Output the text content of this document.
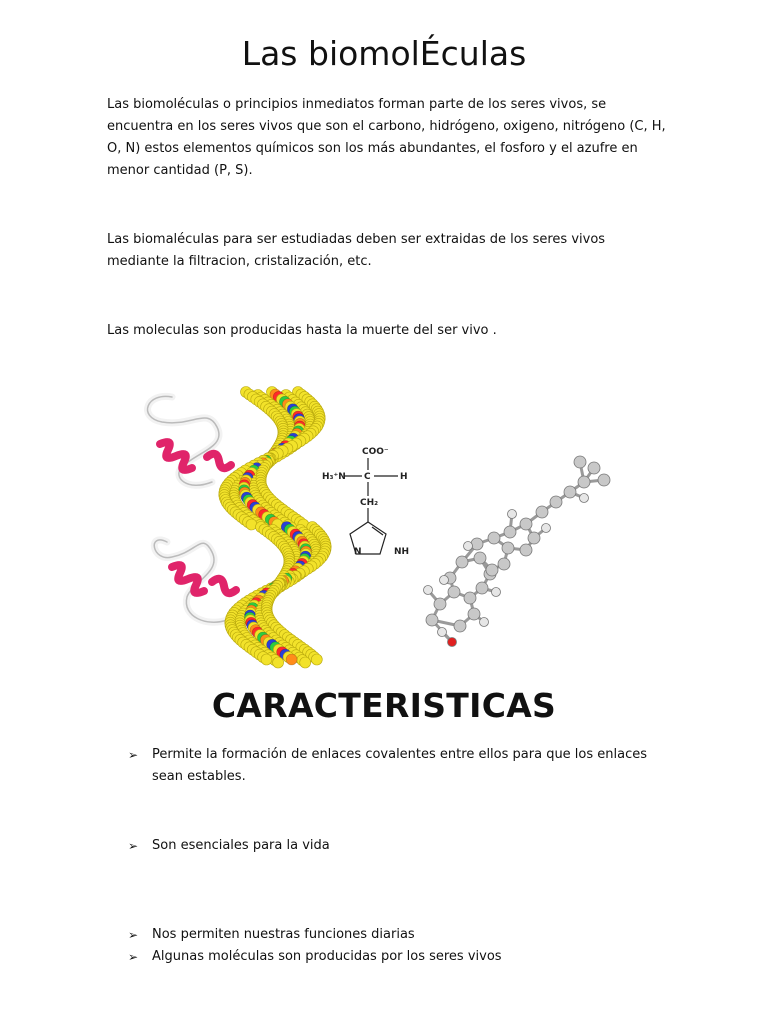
Las biomolÉculas

Las biomoléculas o principios inmediatos forman parte de los seres vivos, se encuentra en los seres vivos que son el carbono, hidrógeno, oxigeno, nitrógeno (C, H, O, N) estos elementos químicos son los más abundantes, el fosforo y el azufre en menor cantidad (P, S).

Las biomaléculas para ser estudiadas deben ser extraidas de los seres vivos mediante la filtracion, cristalización, etc.

Las moleculas son producidas hasta la muerte del ser vivo .

COO⁻
H₃⁺N C	H
CH₂
NH
N
CARACTERISTICAS
➢	Permite la formación de enlaces covalentes entre ellos para que los enlaces sean estables.
➢	Son esenciales para la vida
➢	Nos permiten nuestras funciones diarias
➢	Algunas moléculas son producidas por los seres vivos
